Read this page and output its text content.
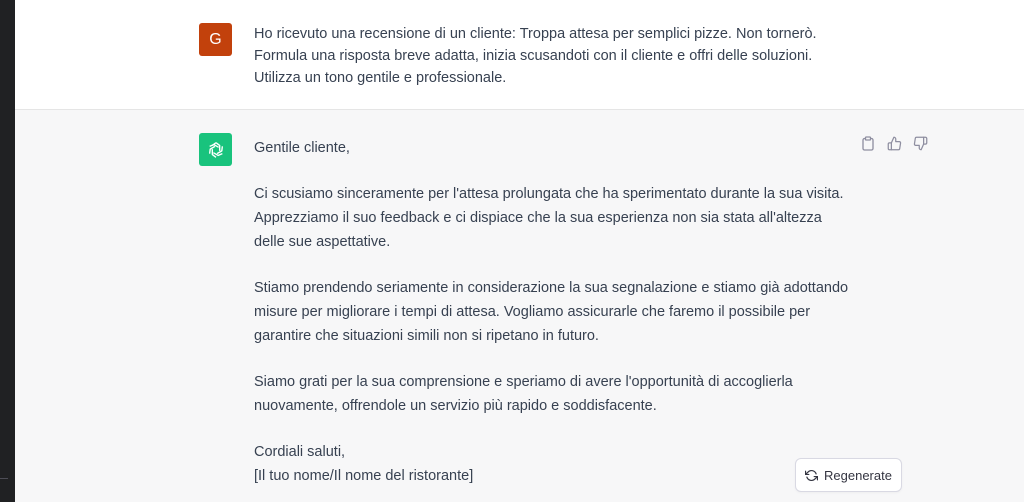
G Ho ricevuto una recensione di un cliente: Troppa attesa per semplici pizze. Non tornerò.
Formula una risposta breve adatta, inizia scusandoti con il cliente e offri delle soluzioni.
Utilizza un tono gentile e professionale.

Gentile cliente,

Ci scusiamo sinceramente per l'attesa prolungata che ha sperimentato durante la sua visita.
Apprezziamo il suo feedback e ci dispiace che la sua esperienza non sia stata all'altezza
delle sue aspettative.

Stiamo prendendo seriamente in considerazione la sua segnalazione e stiamo già adottando
misure per migliorare i tempi di attesa. Vogliamo assicurarle che faremo il possibile per
garantire che situazioni simili non si ripetano in futuro.

Siamo grati per la sua comprensione e speriamo di avere l'opportunità di accoglierla
nuovamente, offrendole un servizio più rapido e soddisfacente.

Cordiali saluti,
[Il tuo nome/Il nome del ristorante]	Regenerate
